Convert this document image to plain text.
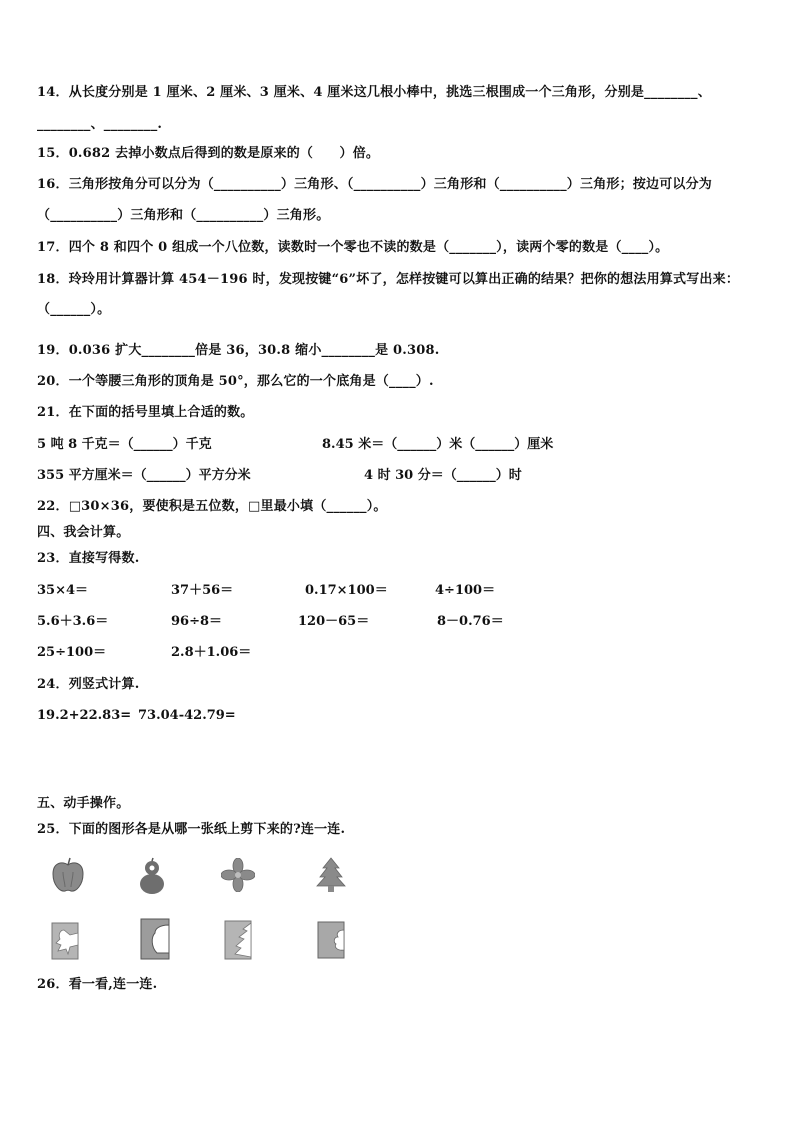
14．从长度分别是 1 厘米、2 厘米、3 厘米、4 厘米这几根小棒中，挑选三根围成一个三角形，分别是________、
________、________.
15．0.682 去掉小数点后得到的数是原来的（　　）倍。
16．三角形按角分可以分为（__________）三角形、（__________）三角形和（__________）三角形；按边可以分为
（__________）三角形和（__________）三角形。
17．四个 8 和四个 0 组成一个八位数，读数时一个零也不读的数是（_______），读两个零的数是（____）。
18．玲玲用计算器计算 454－196 时，发现按键“6”坏了，怎样按键可以算出正确的结果？把你的想法用算式写出来：
（______）。
19．0.036 扩大________倍是 36，30.8 缩小________是 0.308.
20．一个等腰三角形的顶角是 50°，那么它的一个底角是（____）.
21．在下面的括号里填上合适的数。
5 吨 8 千克＝（______）千克	8.45 米＝（______）米（______）厘米
355 平方厘米＝（______）平方分米	4 时 30 分＝（______）时
22．□30×36，要使积是五位数，□里最小填（______）。
四、我会计算。
23．直接写得数.
35×4＝	37＋56＝	0.17×100＝	4÷100＝
5.6＋3.6＝	96÷8＝	120－65＝	8－0.76＝
25÷100＝	2.8＋1.06＝
24．列竖式计算.
19.2+22.83= 73.04-42.79=
五、动手操作。
25．下面的图形各是从哪一张纸上剪下来的?连一连.
26．看一看,连一连.
